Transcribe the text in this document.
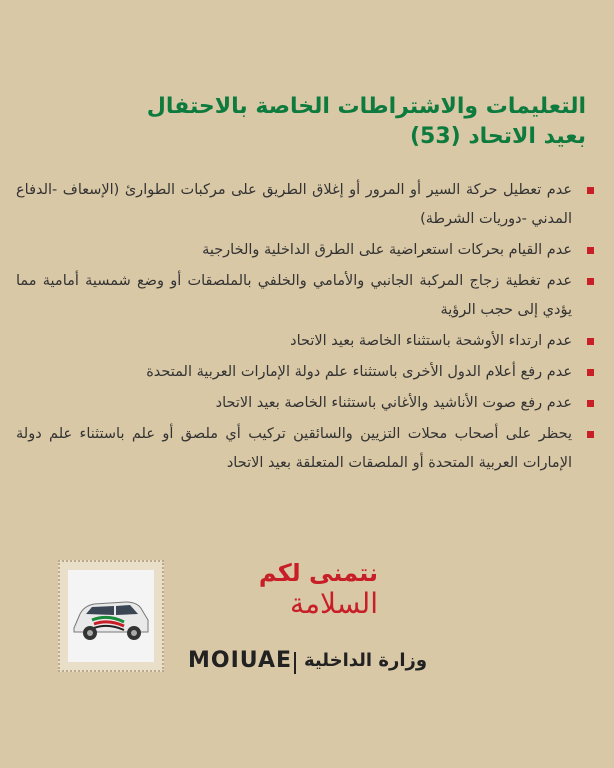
التعليمات والاشتراطات الخاصة بالاحتفال
بعيد الاتحاد (53)
عدم تعطيل حركة السير أو المرور أو إغلاق الطريق على مركبات الطوارئ (الإسعاف -الدفاع المدني -دوريات الشرطة)
عدم القيام بحركات استعراضية على الطرق الداخلية والخارجية
عدم تغطية زجاج المركبة الجانبي والأمامي والخلفي بالملصقات أو وضع شمسية أمامية مما يؤدي إلى حجب الرؤية
عدم ارتداء الأوشحة باستثناء الخاصة بعيد الاتحاد
عدم رفع أعلام الدول الأخرى باستثناء علم دولة الإمارات العربية المتحدة
عدم رفع صوت الأناشيد والأغاني باستثناء الخاصة بعيد الاتحاد
يحظر على أصحاب محلات التزيين والسائقين تركيب أي ملصق أو علم باستثناء علم دولة الإمارات العربية المتحدة أو الملصقات المتعلقة بعيد الاتحاد
نتمنى لكم
السلامة
MOIUAE وزارة الداخلية
